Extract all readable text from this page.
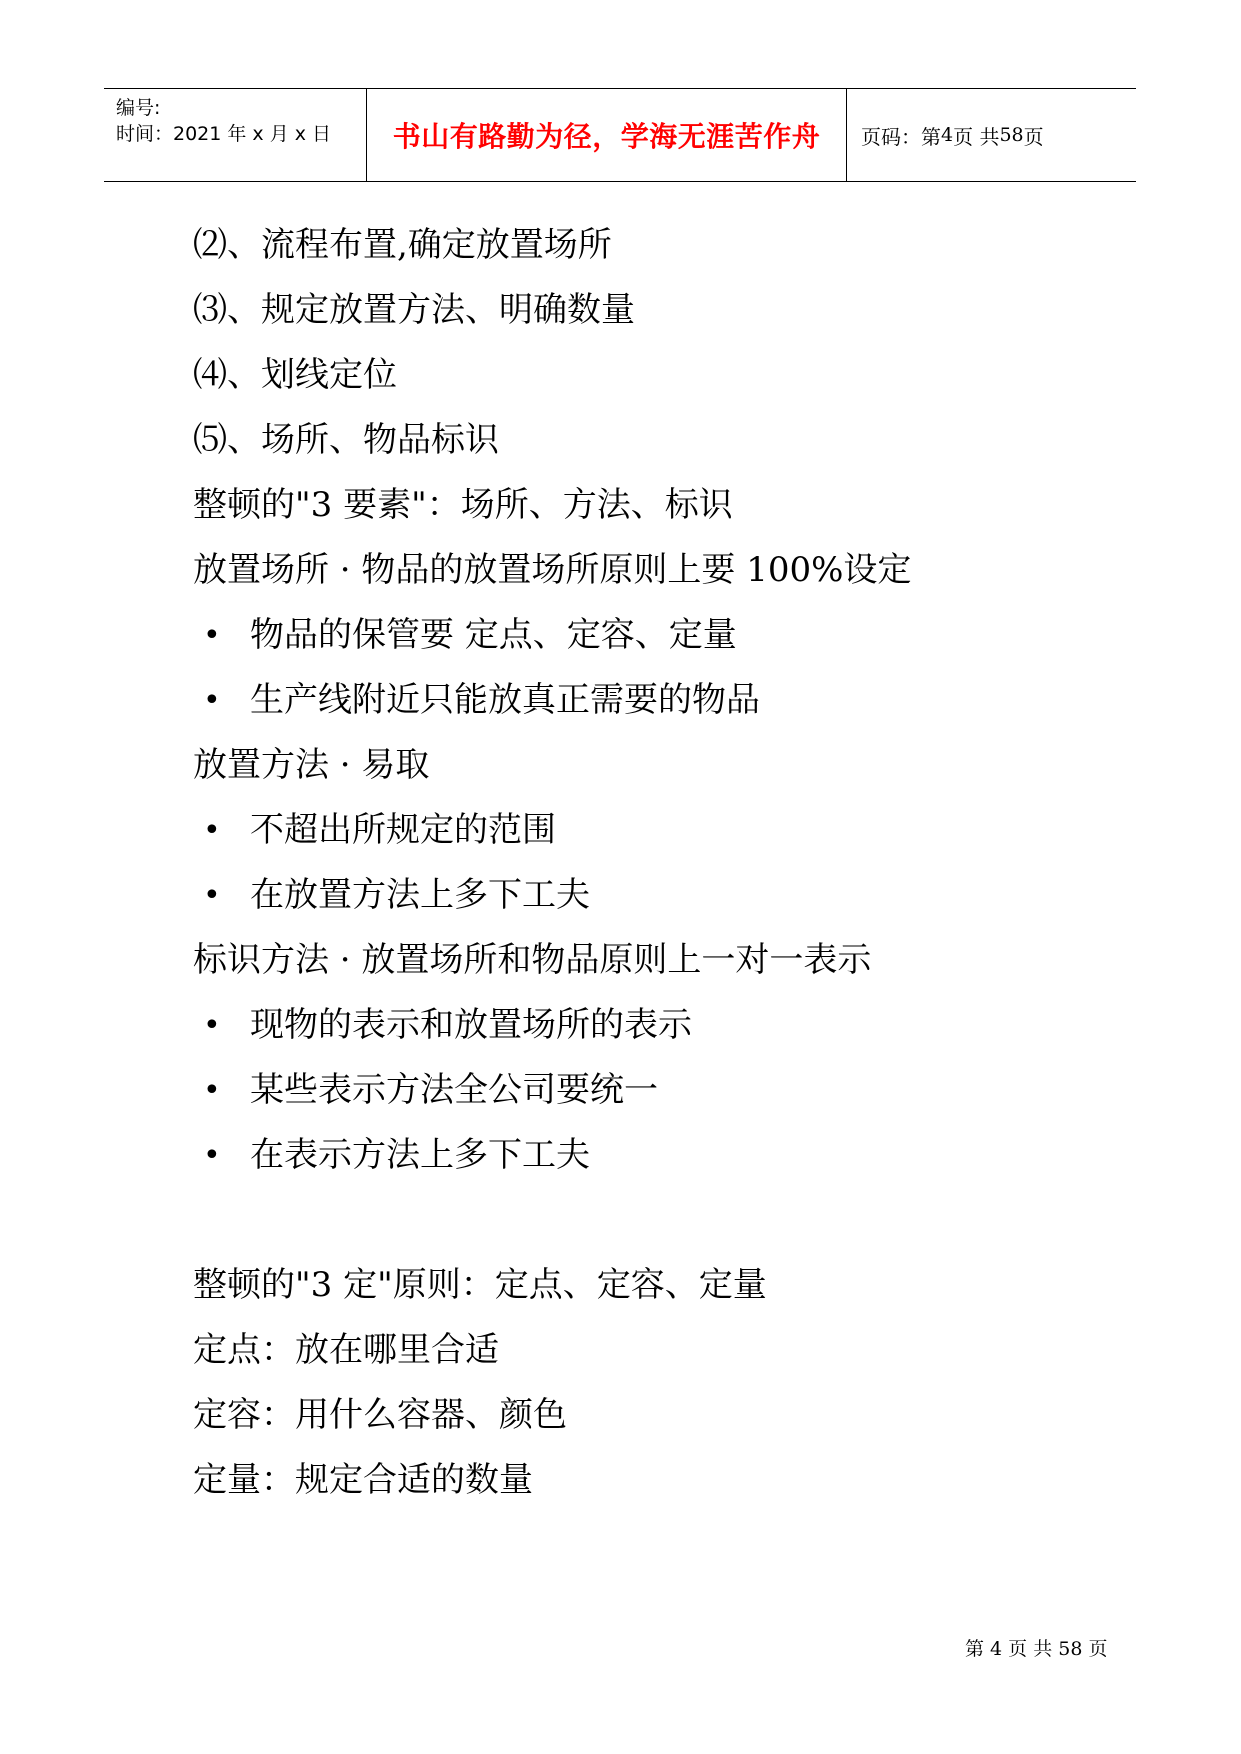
编号:
时间：2021 年 x 月 x 日 书山有路勤为径，学海无涯苦作舟 页码：第 4 页 共 58 页
⑵、流程布置,确定放置场所
⑶、规定放置方法、明确数量
⑷、划线定位
⑸、场所、物品标识
整顿的"3 要素"：场所、方法、标识
放置场所 · 物品的放置场所原则上要 100%设定
• 物品的保管要 定点、定容、定量
• 生产线附近只能放真正需要的物品
放置方法 · 易取
• 不超出所规定的范围
• 在放置方法上多下工夫
标识方法 · 放置场所和物品原则上一对一表示
• 现物的表示和放置场所的表示
• 某些表示方法全公司要统一
• 在表示方法上多下工夫
整顿的"3 定"原则：定点、定容、定量
定点：放在哪里合适
定容：用什么容器、颜色
定量：规定合适的数量
第 4 页 共 58 页
